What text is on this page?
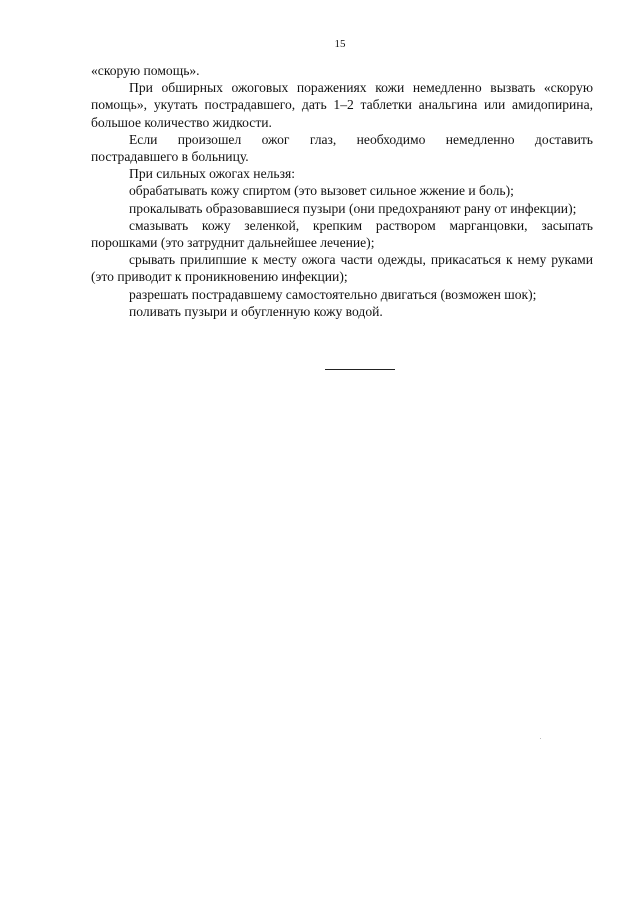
15

«скорую помощь».

При обширных ожоговых поражениях кожи немедленно вызвать «скорую

помощь», укутать пострадавшего, дать 1–2 таблетки анальгина или амидопирина,

большое количество жидкости.

Если произошел ожог глаз, необходимо немедленно доставить

пострадавшего в больницу.

При сильных ожогах нельзя:

обрабатывать кожу спиртом (это вызовет сильное жжение и боль);

прокалывать образовавшиеся пузыри (они предохраняют рану от инфекции);

смазывать кожу зеленкой, крепким раствором марганцовки, засыпать

порошками (это затруднит дальнейшее лечение);

срывать прилипшие к месту ожога части одежды, прикасаться к нему руками

(это приводит к проникновению инфекции);

разрешать пострадавшему самостоятельно двигаться (возможен шок);

поливать пузыри и обугленную кожу водой.
